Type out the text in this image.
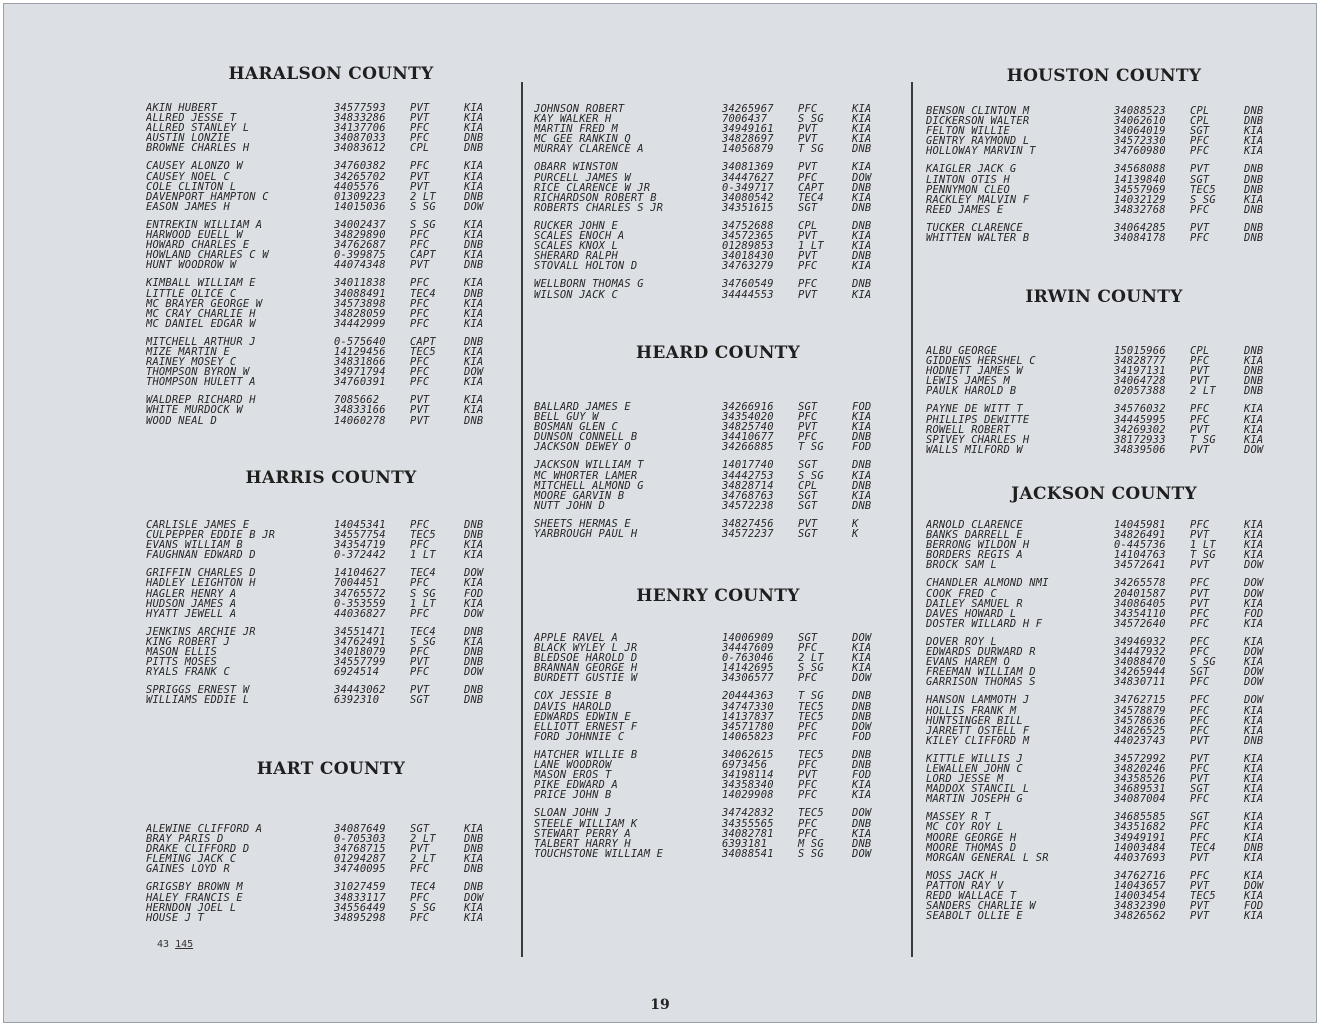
HARALSON COUNTY
AKIN HUBERT	34577593	PVT	KIA
ALLRED JESSE T	34833286	PVT	KIA
ALLRED STANLEY L	34137706	PFC	KIA
AUSTIN LONZIE	34087033	PFC	DNB
BROWNE CHARLES H	34083612	CPL	DNB
CAUSEY ALONZO W	34760382	PFC	KIA
CAUSEY NOEL C	34265702	PVT	KIA
COLE CLINTON L	4405576	PVT	KIA
DAVENPORT HAMPTON C	01309223	2 LT	DNB
EASON JAMES H	14015036	S SG	DOW
ENTREKIN WILLIAM A	34002437	S SG	KIA
HARWOOD EUELL W	34829890	PFC	KIA
HOWARD CHARLES E	34762687	PFC	DNB
HOWLAND CHARLES C W	0-399875	CAPT	KIA
HUNT WOODROW W	44074348	PVT	DNB
KIMBALL WILLIAM E	34011838	PFC	KIA
LITTLE OLICE C	34088491	TEC4	DNB
MC BRAYER GEORGE W	34573898	PFC	KIA
MC CRAY CHARLIE H	34828059	PFC	KIA
MC DANIEL EDGAR W	34442999	PFC	KIA
MITCHELL ARTHUR J	0-575640	CAPT	DNB
MIZE MARTIN E	14129456	TEC5	KIA
RAINEY MOSEY C	34831866	PFC	KIA
THOMPSON BYRON W	34971794	PFC	DOW
THOMPSON HULETT A	34760391	PFC	KIA
WALDREP RICHARD H	7085662	PVT	KIA
WHITE MURDOCK W	34833166	PVT	KIA
WOOD NEAL D	14060278	PVT	DNB
HARRIS COUNTY
CARLISLE JAMES E	14045341	PFC	DNB
CULPEPPER EDDIE B JR	34557754	TEC5	DNB
EVANS WILLIAM B	34354719	PFC	KIA
FAUGHNAN EDWARD D	0-372442	1 LT	KIA
GRIFFIN CHARLES D	14104627	TEC4	DOW
HADLEY LEIGHTON H	7004451	PFC	KIA
HAGLER HENRY A	34765572	S SG	FOD
HUDSON JAMES A	0-353559	1 LT	KIA
HYATT JEWELL A	44036827	PFC	DOW
JENKINS ARCHIE JR	34551471	TEC4	DNB
KING ROBERT J	34762491	S SG	KIA
MASON ELLIS	34018079	PFC	DNB
PITTS MOSES	34557799	PVT	DNB
RYALS FRANK C	6924514	PFC	DOW
SPRIGGS ERNEST W	34443062	PVT	DNB
WILLIAMS EDDIE L	6392310	SGT	DNB
HART COUNTY
ALEWINE CLIFFORD A	34087649	SGT	KIA
BRAY PARIS D	0-705303	2 LT	DNB
DRAKE CLIFFORD D	34768715	PVT	DNB
FLEMING JACK C	01294287	2 LT	KIA
GAINES LOYD R	34740095	PFC	DNB
GRIGSBY BROWN M	31027459	TEC4	DNB
HALEY FRANCIS E	34833117	PFC	DOW
HERNDON JOEL L	34556449	S SG	KIA
HOUSE J T	34895298	PFC	KIA
JOHNSON ROBERT	34265967	PFC	KIA
KAY WALKER H	7006437	S SG	KIA
MARTIN FRED M	34949161	PVT	KIA
MC GEE RANKIN Q	34828697	PVT	KIA
MURRAY CLARENCE A	14056879	T SG	DNB
OBARR WINSTON	34081369	PVT	KIA
PURCELL JAMES W	34447627	PFC	DOW
RICE CLARENCE W JR	0-349717	CAPT	DNB
RICHARDSON ROBERT B	34080542	TEC4	KIA
ROBERTS CHARLES S JR	34351615	SGT	DNB
RUCKER JOHN E	34752688	CPL	DNB
SCALES ENOCH A	34572365	PVT	KIA
SCALES KNOX L	01289853	1 LT	KIA
SHERARD RALPH	34018430	PVT	DNB
STOVALL HOLTON D	34763279	PFC	KIA
WELLBORN THOMAS G	34760549	PFC	DNB
WILSON JACK C	34444553	PVT	KIA
HEARD COUNTY
BALLARD JAMES E	34266916	SGT	FOD
BELL GUY W	34354020	PFC	KIA
BOSMAN GLEN C	34825740	PVT	KIA
DUNSON CONNELL B	34410677	PFC	DNB
JACKSON DEWEY O	34266885	T SG	FOD
JACKSON WILLIAM T	14017740	SGT	DNB
MC WHORTER LAMER	34442753	S SG	KIA
MITCHELL ALMOND G	34828714	CPL	DNB
MOORE GARVIN B	34768763	SGT	KIA
NUTT JOHN D	34572238	SGT	DNB
SHEETS HERMAS E	34827456	PVT	K
YARBROUGH PAUL H	34572237	SGT	K
HENRY COUNTY
APPLE RAVEL A	14006909	SGT	DOW
BLACK WYLEY L JR	34447609	PFC	KIA
BLEDSOE HAROLD D	0-763046	2 LT	KIA
BRANNAN GEORGE H	14142695	S SG	KIA
BURDETT GUSTIE W	34306577	PFC	DOW
COX JESSIE B	20444363	T SG	DNB
DAVIS HAROLD	34747330	TEC5	DNB
EDWARDS EDWIN E	14137837	TEC5	DNB
ELLIOTT ERNEST F	34571780	PFC	DOW
FORD JOHNNIE C	14065823	PFC	FOD
HATCHER WILLIE B	34062615	TEC5	DNB
LANE WOODROW	6973456	PFC	DNB
MASON EROS T	34198114	PVT	FOD
PIKE EDWARD A	34358340	PFC	KIA
PRICE JOHN B	14029908	PFC	KIA
SLOAN JOHN J	34742832	TEC5	DOW
STEELE WILLIAM K	34355565	PFC	DNB
STEWART PERRY A	34082781	PFC	KIA
TALBERT HARRY H	6393181	M SG	DNB
TOUCHSTONE WILLIAM E	34088541	S SG	DOW
HOUSTON COUNTY
BENSON CLINTON M	34088523	CPL	DNB
DICKERSON WALTER	34062610	CPL	DNB
FELTON WILLIE	34064019	SGT	KIA
GENTRY RAYMOND L	34572330	PFC	KIA
HOLLOWAY MARVIN T	34760980	PFC	KIA
KAIGLER JACK G	34568088	PVT	DNB
LINTON OTIS H	14139840	SGT	DNB
PENNYMON CLEO	34557969	TEC5	DNB
RACKLEY MALVIN F	14032129	S SG	KIA
REED JAMES E	34832768	PFC	DNB
TUCKER CLARENCE	34064285	PVT	DNB
WHITTEN WALTER B	34084178	PFC	DNB
IRWIN COUNTY
ALBU GEORGE	15015966	CPL	DNB
GIDDENS HERSHEL C	34828777	PFC	KIA
HODNETT JAMES W	34197131	PVT	DNB
LEWIS JAMES M	34064728	PVT	DNB
PAULK HAROLD B	02057388	2 LT	DNB
PAYNE DE WITT T	34576032	PFC	KIA
PHILLIPS DEWITTE	34445995	PFC	KIA
ROWELL ROBERT	34269302	PVT	KIA
SPIVEY CHARLES H	38172933	T SG	KIA
WALLS MILFORD W	34839506	PVT	DOW
JACKSON COUNTY
ARNOLD CLARENCE	14045981	PFC	KIA
BANKS DARRELL E	34826491	PVT	KIA
BERRONG WILDON H	0-445736	1 LT	KIA
BORDERS REGIS A	14104763	T SG	KIA
BROCK SAM L	34572641	PVT	DOW
CHANDLER ALMOND NMI	34265578	PFC	DOW
COOK FRED C	20401587	PVT	DOW
DAILEY SAMUEL R	34086405	PVT	KIA
DAVES HOWARD L	34354110	PFC	FOD
DOSTER WILLARD H F	34572640	PFC	KIA
DOVER ROY L	34946932	PFC	KIA
EDWARDS DURWARD R	34447932	PFC	DOW
EVANS HAREM O	34088470	S SG	KIA
FREEMAN WILLIAM D	34265944	SGT	DOW
GARRISON THOMAS S	34830711	PFC	DOW
HANSON LAMMOTH J	34762715	PFC	DOW
HOLLIS FRANK M	34578879	PFC	KIA
HUNTSINGER BILL	34578636	PFC	KIA
JARRETT OSTELL F	34826525	PFC	KIA
KILEY CLIFFORD M	44023743	PVT	DNB
KITTLE WILLIS J	34572992	PVT	KIA
LEWALLEN JOHN C	34820246	PFC	KIA
LORD JESSE M	34358526	PVT	KIA
MADDOX STANCIL L	34689531	SGT	KIA
MARTIN JOSEPH G	34087004	PFC	KIA
MASSEY R T	34685585	SGT	KIA
MC COY ROY L	34351682	PFC	KIA
MOORE GEORGE H	34949191	PFC	KIA
MOORE THOMAS D	14003484	TEC4	DNB
MORGAN GENERAL L SR	44037693	PVT	KIA
MOSS JACK H	34762716	PFC	KIA
PATTON RAY V	14043657	PVT	DOW
REDD WALLACE T	14003454	TEC5	KIA
SANDERS CHARLIE W	34832390	PVT	FOD
SEABOLT OLLIE E	34826562	PVT	KIA
43 145
19
